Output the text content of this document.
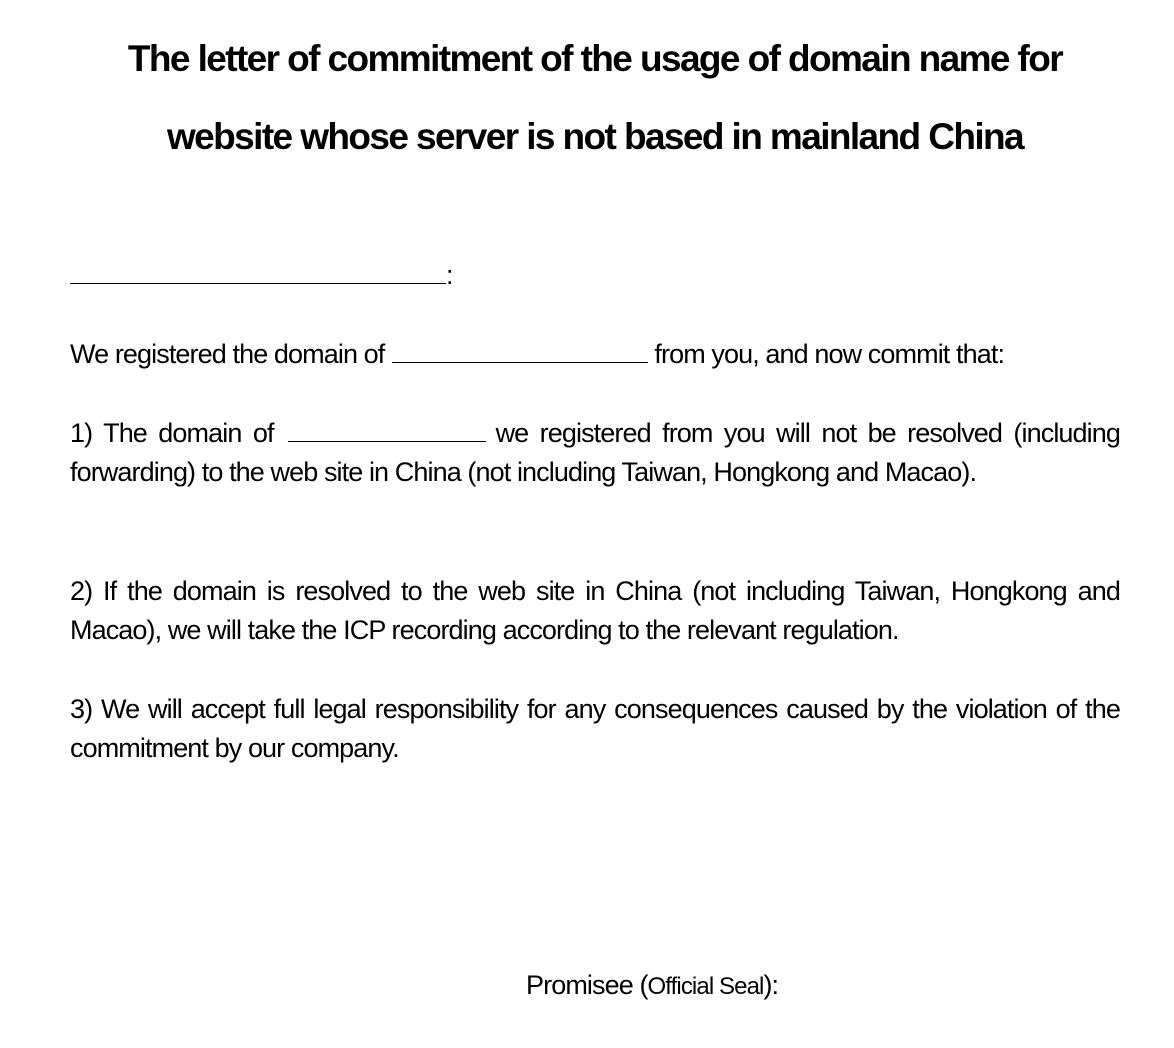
The letter of commitment of the usage of domain name for
website whose server is not based in mainland China
:
We registered the domain of	from you, and now commit that:
1) The domain of	we registered from you will not be resolved (including forwarding) to the web site in China (not including Taiwan, Hongkong and Macao).
2) If the domain is resolved to the web site in China (not including Taiwan, Hongkong and Macao), we will take the ICP recording according to the relevant regulation.
3) We will accept full legal responsibility for any consequences caused by the violation of the commitment by our company.
Promisee (Official Seal):
